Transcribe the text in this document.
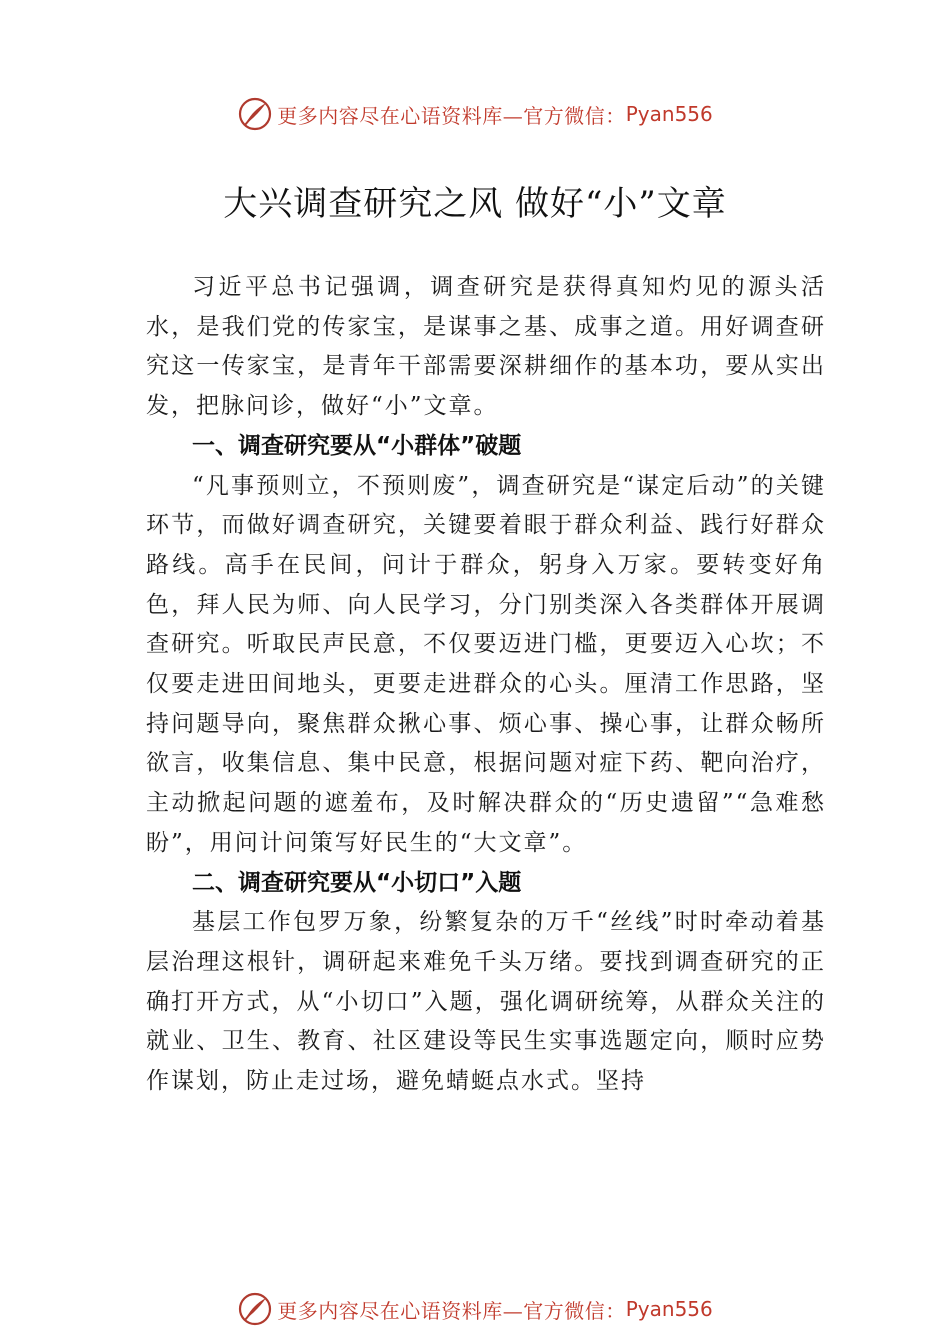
更多内容尽在心语资料库—官方微信： Pyan556
大兴调查研究之风 做好“小”文章

习近平总书记强调，调查研究是获得真知灼见的源头活水，是我们党的传家宝，是谋事之基、成事之道。用好调查研究这一传家宝，是青年干部需要深耕细作的基本功，要从实出发，把脉问诊，做好“小”文章。

一、调查研究要从“小群体”破题

“凡事预则立，不预则废”，调查研究是“谋定后动”的关键环节，而做好调查研究，关键要着眼于群众利益、践行好群众路线。高手在民间，问计于群众，躬身入万家。要转变好角色，拜人民为师、向人民学习，分门别类深入各类群体开展调查研究。听取民声民意，不仅要迈进门槛，更要迈入心坎；不仅要走进田间地头，更要走进群众的心头。厘清工作思路，坚持问题导向，聚焦群众揪心事、烦心事、操心事，让群众畅所欲言，收集信息、集中民意，根据问题对症下药、靶向治疗，主动掀起问题的遮羞布，及时解决群众的“历史遗留”“急难愁盼”，用问计问策写好民生的“大文章”。

二、调查研究要从“小切口”入题

基层工作包罗万象，纷繁复杂的万千“丝线”时时牵动着基层治理这根针，调研起来难免千头万绪。要找到调查研究的正确打开方式，从“小切口”入题，强化调研统筹，从群众关注的就业、卫生、教育、社区建设等民生实事选题定向，顺时应势作谋划，防止走过场，避免蜻蜓点水式。坚持

更多内容尽在心语资料库—官方微信： Pyan556
